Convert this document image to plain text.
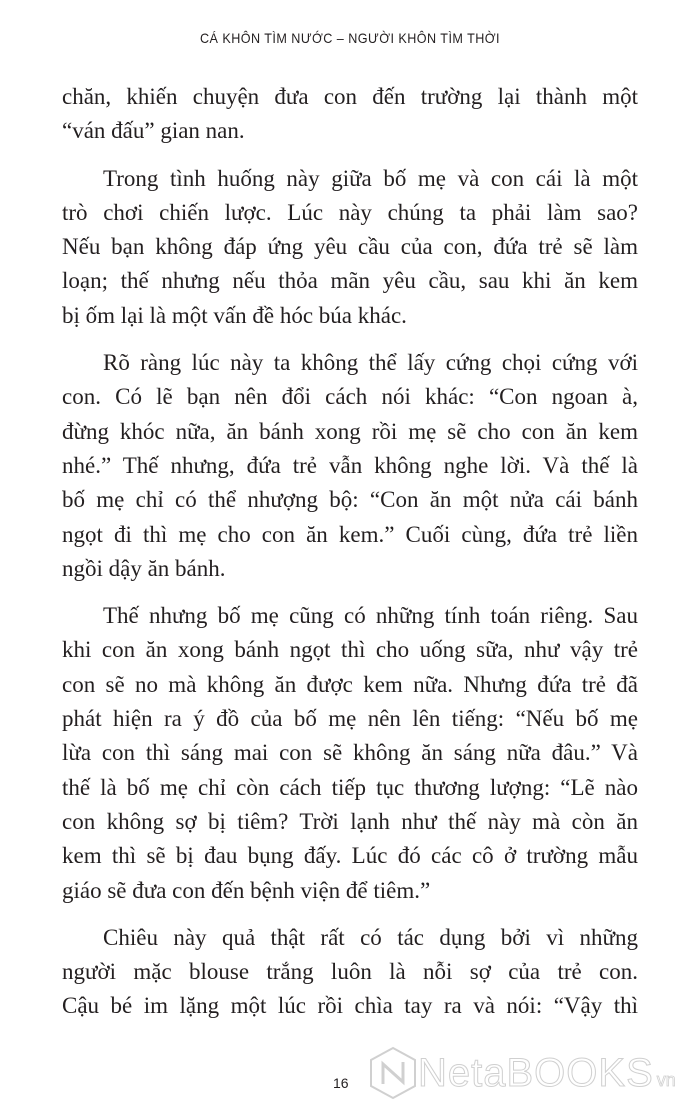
CÁ KHÔN TÌM NƯỚC – NGƯỜI KHÔN TÌM THỜI
chăn, khiến chuyện đưa con đến trường lại thành một
“ván đấu” gian nan.
Trong tình huống này giữa bố mẹ và con cái là một
trò chơi chiến lược. Lúc này chúng ta phải làm sao?
Nếu bạn không đáp ứng yêu cầu của con, đứa trẻ sẽ làm
loạn; thế nhưng nếu thỏa mãn yêu cầu, sau khi ăn kem
bị ốm lại là một vấn đề hóc búa khác.
Rõ ràng lúc này ta không thể lấy cứng chọi cứng với
con. Có lẽ bạn nên đổi cách nói khác: “Con ngoan à,
đừng khóc nữa, ăn bánh xong rồi mẹ sẽ cho con ăn kem
nhé.” Thế nhưng, đứa trẻ vẫn không nghe lời. Và thế là
bố mẹ chỉ có thể nhượng bộ: “Con ăn một nửa cái bánh
ngọt đi thì mẹ cho con ăn kem.” Cuối cùng, đứa trẻ liền
ngồi dậy ăn bánh.
Thế nhưng bố mẹ cũng có những tính toán riêng. Sau
khi con ăn xong bánh ngọt thì cho uống sữa, như vậy trẻ
con sẽ no mà không ăn được kem nữa. Nhưng đứa trẻ đã
phát hiện ra ý đồ của bố mẹ nên lên tiếng: “Nếu bố mẹ
lừa con thì sáng mai con sẽ không ăn sáng nữa đâu.” Và
thế là bố mẹ chỉ còn cách tiếp tục thương lượng: “Lẽ nào
con không sợ bị tiêm? Trời lạnh như thế này mà còn ăn
kem thì sẽ bị đau bụng đấy. Lúc đó các cô ở trường mẫu
giáo sẽ đưa con đến bệnh viện để tiêm.”
Chiêu này quả thật rất có tác dụng bởi vì những
người mặc blouse trắng luôn là nỗi sợ của trẻ con.
Cậu bé im lặng một lúc rồi chìa tay ra và nói: “Vậy thì
16 NetaBOOKS vn
